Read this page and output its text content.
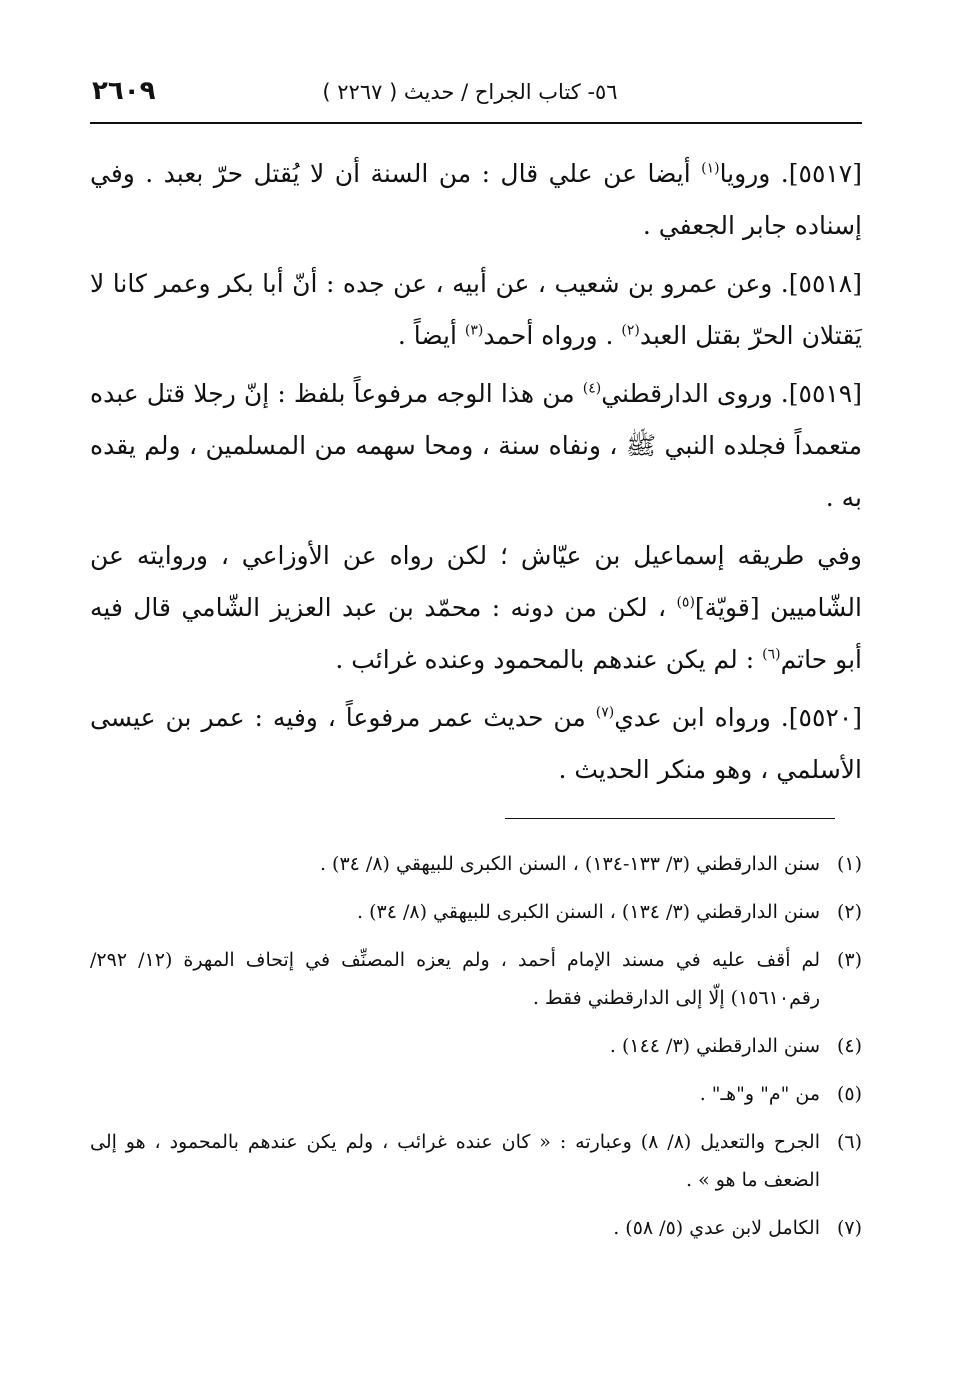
٥٦- كتاب الجراح / حديث ( ٢٢٦٧ )
٢٦٠٩

[٥٥١٧]. ورويا$^{(١)}$ أيضا عن علي قال : من السنة أن لا يُقتل حرّ بعبد . وفي إسناده جابر الجعفي .

[٥٥١٨]. وعن عمرو بن شعيب ، عن أبيه ، عن جده : أنّ أبا بكر وعمر كانا لا يَقتلان الحرّ بقتل العبد$^{(٢)}$ . ورواه أحمد$^{(٣)}$ أيضاً .

[٥٥١٩]. وروى الدارقطني$^{(٤)}$ من هذا الوجه مرفوعاً بلفظ : إنّ رجلا قتل عبده متعمداً فجلده النبي ﷺ ، ونفاه سنة ، ومحا سهمه من المسلمين ، ولم يقده به .

وفي طريقه إسماعيل بن عيّاش ؛ لكن رواه عن الأوزاعي ، وروايته عن الشّاميين [قويّة]$^{(٥)}$ ، لكن من دونه : محمّد بن عبد العزيز الشّامي قال فيه أبو حاتم$^{(٦)}$ : لم يكن عندهم بالمحمود وعنده غرائب .

[٥٥٢٠]. ورواه ابن عدي$^{(٧)}$ من حديث عمر مرفوعاً ، وفيه : عمر بن عيسى الأسلمي ، وهو منكر الحديث .

(١)
سنن الدارقطني (٣/ ١٣٣-١٣٤) ، السنن الكبرى للبيهقي (٨/ ٣٤) .
(٢)
سنن الدارقطني (٣/ ١٣٤) ، السنن الكبرى للبيهقي (٨/ ٣٤) .
(٣)
لم أقف عليه في مسند الإمام أحمد ، ولم يعزه المصنِّف في إتحاف المهرة (١٢/ ٢٩٢/ رقم١٥٦١٠) إلّا إلى الدارقطني فقط .
(٤)
سنن الدارقطني (٣/ ١٤٤) .
(٥)
من "م" و"هـ" .
(٦)
الجرح والتعديل (٨/ ٨) وعبارته : « كان عنده غرائب ، ولم يكن عندهم بالمحمود ، هو إلى الضعف ما هو » .
(٧)
الكامل لابن عدي (٥/ ٥٨) .
